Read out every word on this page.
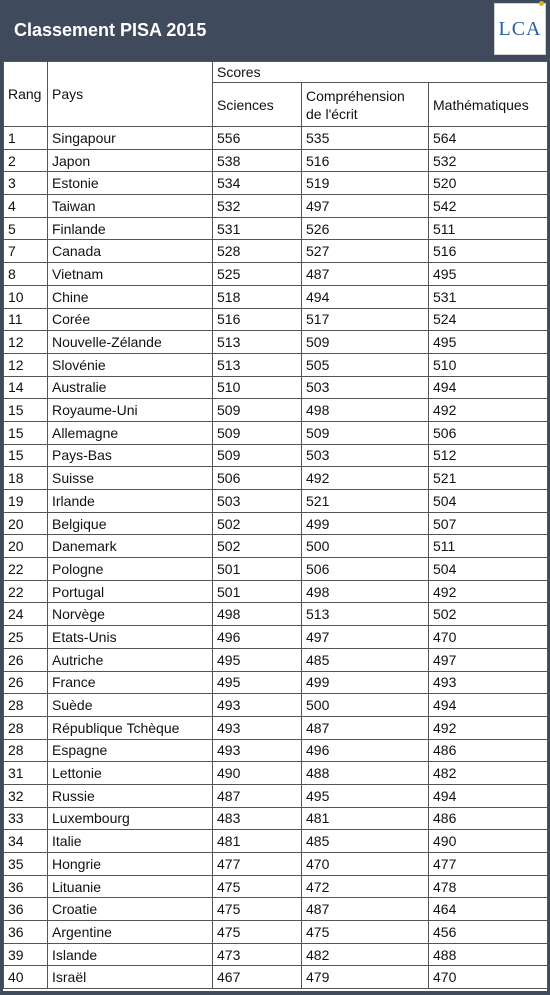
Classement PISA 2015	LCA
Rang	Pays	Scores		
		Sciences	Compréhension de l'écrit	Mathématiques
1	Singapour	556	535	564
2	Japon	538	516	532
3	Estonie	534	519	520
4	Taiwan	532	497	542
5	Finlande	531	526	511
7	Canada	528	527	516
8	Vietnam	525	487	495
10	Chine	518	494	531
11	Corée	516	517	524
12	Nouvelle-Zélande	513	509	495
12	Slovénie	513	505	510
14	Australie	510	503	494
15	Royaume-Uni	509	498	492
15	Allemagne	509	509	506
15	Pays-Bas	509	503	512
18	Suisse	506	492	521
19	Irlande	503	521	504
20	Belgique	502	499	507
20	Danemark	502	500	511
22	Pologne	501	506	504
22	Portugal	501	498	492
24	Norvège	498	513	502
25	Etats-Unis	496	497	470
26	Autriche	495	485	497
26	France	495	499	493
28	Suède	493	500	494
28	République Tchèque	493	487	492
28	Espagne	493	496	486
31	Lettonie	490	488	482
32	Russie	487	495	494
33	Luxembourg	483	481	486
34	Italie	481	485	490
35	Hongrie	477	470	477
36	Lituanie	475	472	478
36	Croatie	475	487	464
36	Argentine	475	475	456
39	Islande	473	482	488
40	Israël	467	479	470
